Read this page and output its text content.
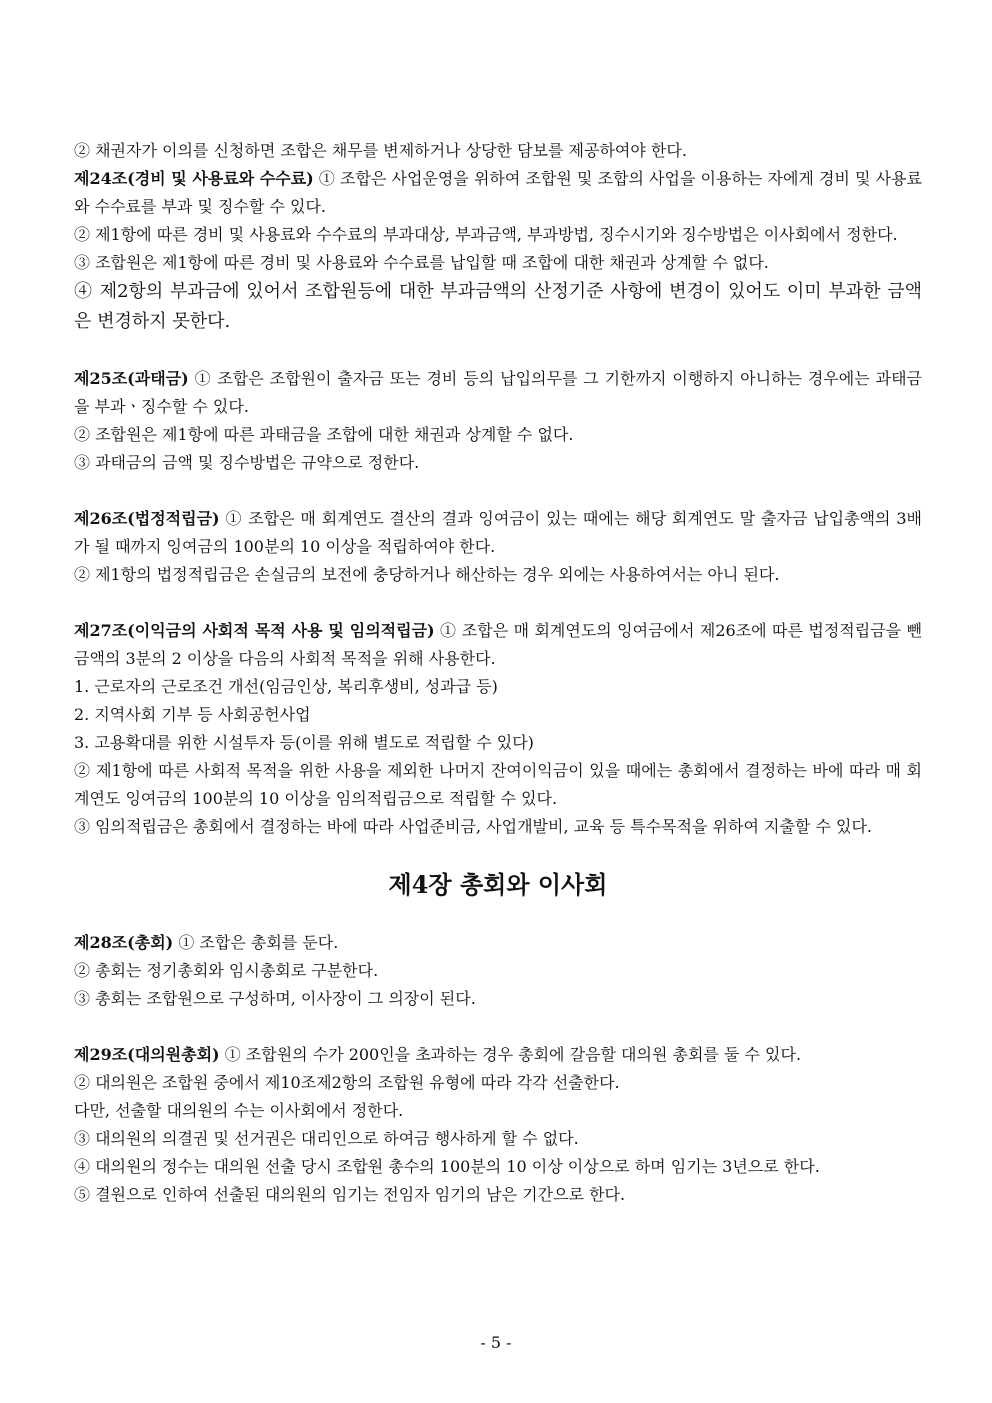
② 채권자가 이의를 신청하면 조합은 채무를 변제하거나 상당한 담보를 제공하여야 한다.

제24조(경비 및 사용료와 수수료) ① 조합은 사업운영을 위하여 조합원 및 조합의 사업을 이용하는 자에게 경비 및 사용료와 수수료를 부과 및 징수할 수 있다.

② 제1항에 따른 경비 및 사용료와 수수료의 부과대상, 부과금액, 부과방법, 징수시기와 징수방법은 이사회에서 정한다.

③ 조합원은 제1항에 따른 경비 및 사용료와 수수료를 납입할 때 조합에 대한 채권과 상계할 수 없다.

④ 제2항의 부과금에 있어서 조합원등에 대한 부과금액의 산정기준 사항에 변경이 있어도 이미 부과한 금액은 변경하지 못한다.

제25조(과태금) ① 조합은 조합원이 출자금 또는 경비 등의 납입의무를 그 기한까지 이행하지 아니하는 경우에는 과태금을 부과ㆍ징수할 수 있다.

② 조합원은 제1항에 따른 과태금을 조합에 대한 채권과 상계할 수 없다.

③ 과태금의 금액 및 징수방법은 규약으로 정한다.

제26조(법정적립금) ① 조합은 매 회계연도 결산의 결과 잉여금이 있는 때에는 해당 회계연도 말 출자금 납입총액의 3배가 될 때까지 잉여금의 100분의 10 이상을 적립하여야 한다.

② 제1항의 법정적립금은 손실금의 보전에 충당하거나 해산하는 경우 외에는 사용하여서는 아니 된다.

제27조(이익금의 사회적 목적 사용 및 임의적립금) ① 조합은 매 회계연도의 잉여금에서 제26조에 따른 법정적립금을 뺀 금액의 3분의 2 이상을 다음의 사회적 목적을 위해 사용한다.

1. 근로자의 근로조건 개선(임금인상, 복리후생비, 성과급 등)

2. 지역사회 기부 등 사회공헌사업

3. 고용확대를 위한 시설투자 등(이를 위해 별도로 적립할 수 있다)

② 제1항에 따른 사회적 목적을 위한 사용을 제외한 나머지 잔여이익금이 있을 때에는 총회에서 결정하는 바에 따라 매 회계연도 잉여금의 100분의 10 이상을 임의적립금으로 적립할 수 있다.

③ 임의적립금은 총회에서 결정하는 바에 따라 사업준비금, 사업개발비, 교육 등 특수목적을 위하여 지출할 수 있다.

제4장 총회와 이사회

제28조(총회) ① 조합은 총회를 둔다.

② 총회는 정기총회와 임시총회로 구분한다.

③ 총회는 조합원으로 구성하며, 이사장이 그 의장이 된다.

제29조(대의원총회) ① 조합원의 수가 200인을 초과하는 경우 총회에 갈음할 대의원 총회를 둘 수 있다.

② 대의원은 조합원 중에서 제10조제2항의 조합원 유형에 따라 각각 선출한다.

다만, 선출할 대의원의 수는 이사회에서 정한다.

③ 대의원의 의결권 및 선거권은 대리인으로 하여금 행사하게 할 수 없다.

④ 대의원의 정수는 대의원 선출 당시 조합원 총수의 100분의 10 이상 이상으로 하며 임기는 3년으로 한다.

⑤ 결원으로 인하여 선출된 대의원의 임기는 전임자 임기의 남은 기간으로 한다.

- 5 -
